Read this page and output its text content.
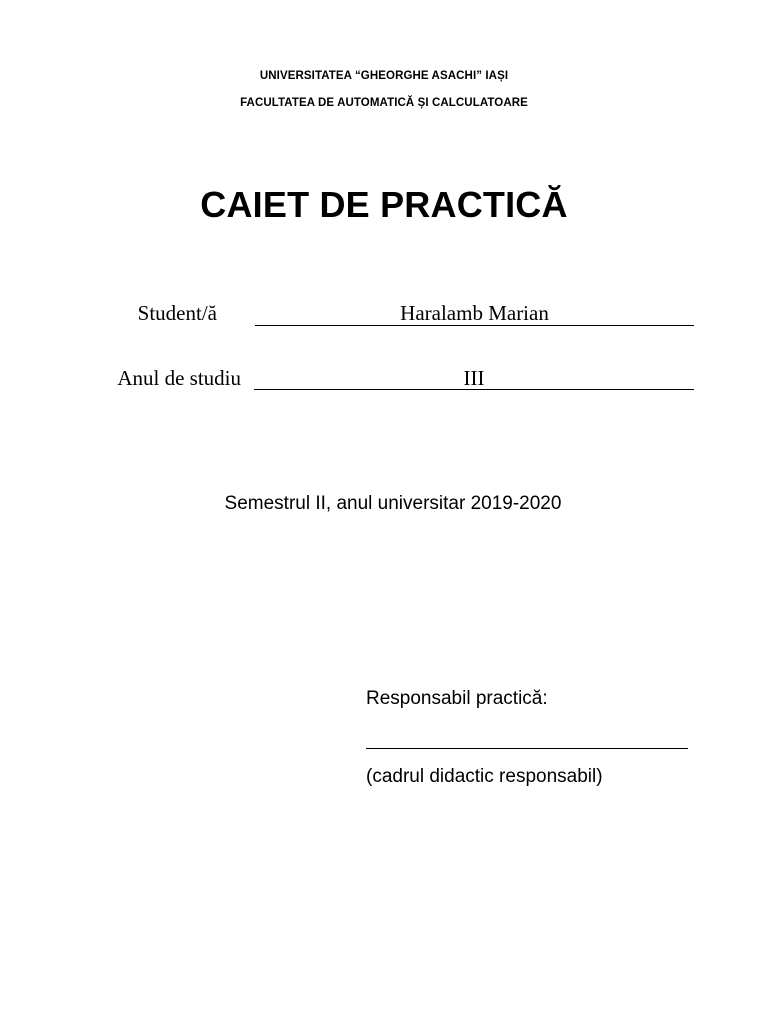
UNIVERSITATEA “GHEORGHE ASACHI” IAȘI
FACULTATEA DE AUTOMATICĂ ȘI CALCULATOARE
CAIET DE PRACTICĂ
Student/ă	Haralamb Marian
Anul de studiu	III
Semestrul II, anul universitar 2019-2020
Responsabil practică:
(cadrul didactic responsabil)
